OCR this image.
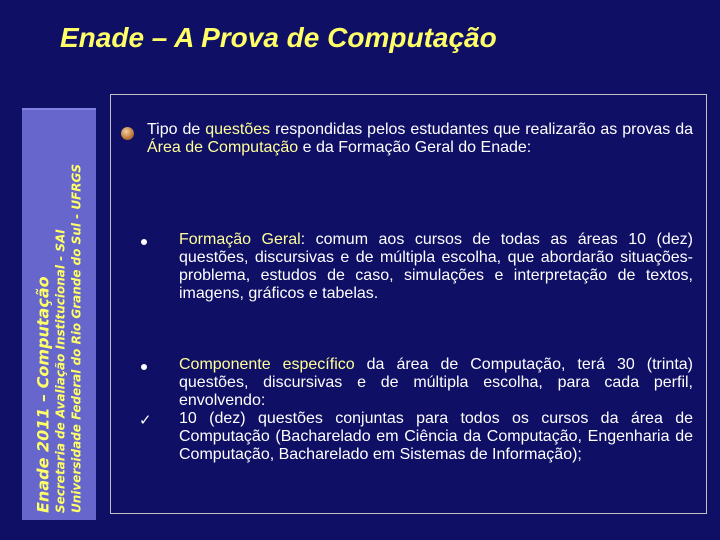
Enade – A Prova de Computação
Enade 2011 – Computação Secretaria de Avaliação Institucional - SAI Universidade Federal do Rio Grande do Sul - UFRGS
Tipo de questões respondidas pelos estudantes que realizarão as provas da Área de Computação e da Formação Geral do Enade:
Formação Geral: comum aos cursos de todas as áreas 10 (dez) questões, discursivas e de múltipla escolha, que abordarão situações-problema, estudos de caso, simulações e interpretação de textos, imagens, gráficos e tabelas.
Componente específico da área de Computação, terá 30 (trinta) questões, discursivas e de múltipla escolha, para cada perfil, envolvendo:
✓ 10 (dez) questões conjuntas para todos os cursos da área de Computação (Bacharelado em Ciência da Computação, Engenharia de Computação, Bacharelado em Sistemas de Informação);
